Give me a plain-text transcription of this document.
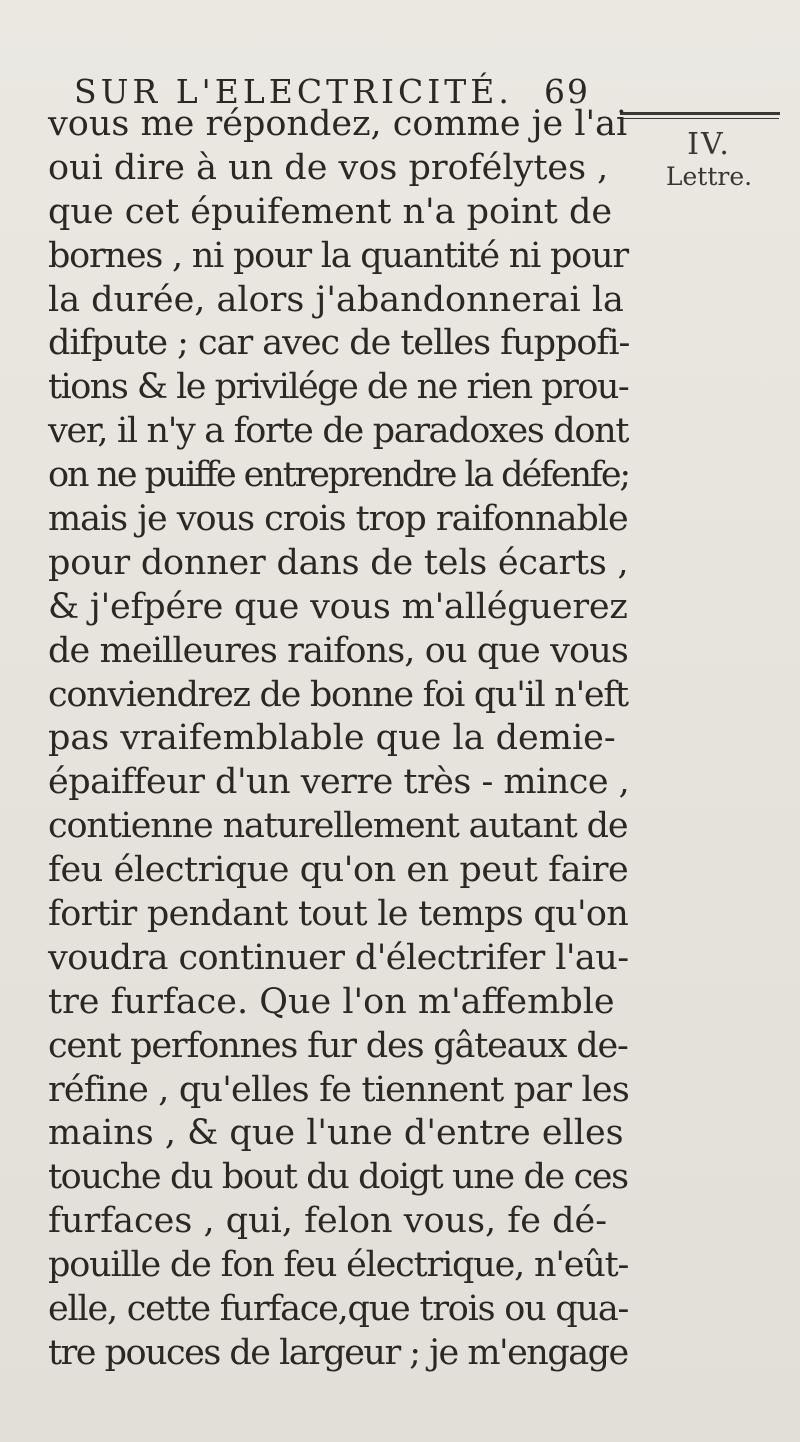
SUR L'ELECTRICITÉ. 69
IV.
Lettre.
vous me répondez, comme je l'ai
oui dire à un de vos profélytes ,
que cet épuifement n'a point de
bornes , ni pour la quantité ni pour
la durée, alors j'abandonnerai la
difpute ; car avec de telles fuppofi-
tions & le privilége de ne rien prou-
ver, il n'y a forte de paradoxes dont
on ne puiffe entreprendre la défenfe;
mais je vous crois trop raifonnable
pour donner dans de tels écarts ,
& j'efpére que vous m'alléguerez
de meilleures raifons, ou que vous
conviendrez de bonne foi qu'il n'eft
pas vraifemblable que la demie-
épaiffeur d'un verre très - mince ,
contienne naturellement autant de
feu électrique qu'on en peut faire
fortir pendant tout le temps qu'on
voudra continuer d'électrifer l'au-
tre furface. Que l'on m'affemble
cent perfonnes fur des gâteaux de-
réfine , qu'elles fe tiennent par les
mains , & que l'une d'entre elles
touche du bout du doigt une de ces
furfaces , qui, felon vous, fe dé-
pouille de fon feu électrique, n'eût-
elle, cette furface,que trois ou qua-
tre pouces de largeur ; je m'engage
